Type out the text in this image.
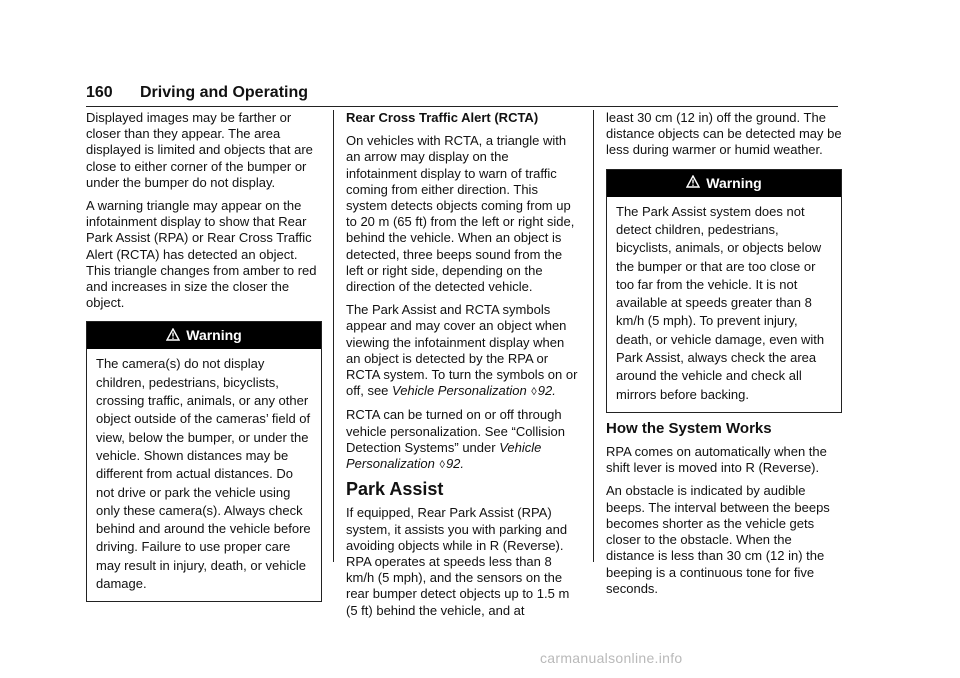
160 Driving and Operating

Displayed images may be farther or closer than they appear. The area displayed is limited and objects that are close to either corner of the bumper or under the bumper do not display.

A warning triangle may appear on the infotainment display to show that Rear Park Assist (RPA) or Rear Cross Traffic Alert (RCTA) has detected an object. This triangle changes from amber to red and increases in size the closer the object.

Warning
The camera(s) do not display children, pedestrians, bicyclists, crossing traffic, animals, or any other object outside of the cameras’ field of view, below the bumper, or under the vehicle. Shown distances may be different from actual distances. Do not drive or park the vehicle using only these camera(s). Always check behind and around the vehicle before driving. Failure to use proper care may result in injury, death, or vehicle damage.

Rear Cross Traffic Alert (RCTA)

On vehicles with RCTA, a triangle with an arrow may display on the infotainment display to warn of traffic coming from either direction. This system detects objects coming from up to 20 m (65 ft) from the left or right side, behind the vehicle. When an object is detected, three beeps sound from the left or right side, depending on the direction of the detected vehicle.

The Park Assist and RCTA symbols appear and may cover an object when viewing the infotainment display when an object is detected by the RPA or RCTA system. To turn the symbols on or off, see Vehicle Personalization ◊92.

RCTA can be turned on or off through vehicle personalization. See “Collision Detection Systems” under Vehicle Personalization ◊92.

Park Assist

If equipped, Rear Park Assist (RPA) system, it assists you with parking and avoiding objects while in R (Reverse). RPA operates at speeds less than 8 km/h (5 mph), and the sensors on the rear bumper detect objects up to 1.5 m (5 ft) behind the vehicle, and at

least 30 cm (12 in) off the ground. The distance objects can be detected may be less during warmer or humid weather.

Warning
The Park Assist system does not detect children, pedestrians, bicyclists, animals, or objects below the bumper or that are too close or too far from the vehicle. It is not available at speeds greater than 8 km/h (5 mph). To prevent injury, death, or vehicle damage, even with Park Assist, always check the area around the vehicle and check all mirrors before backing.
How the System Works

RPA comes on automatically when the shift lever is moved into R (Reverse).

An obstacle is indicated by audible beeps. The interval between the beeps becomes shorter as the vehicle gets closer to the obstacle. When the distance is less than 30 cm (12 in) the beeping is a continuous tone for five seconds.

carmanualsonline.info
